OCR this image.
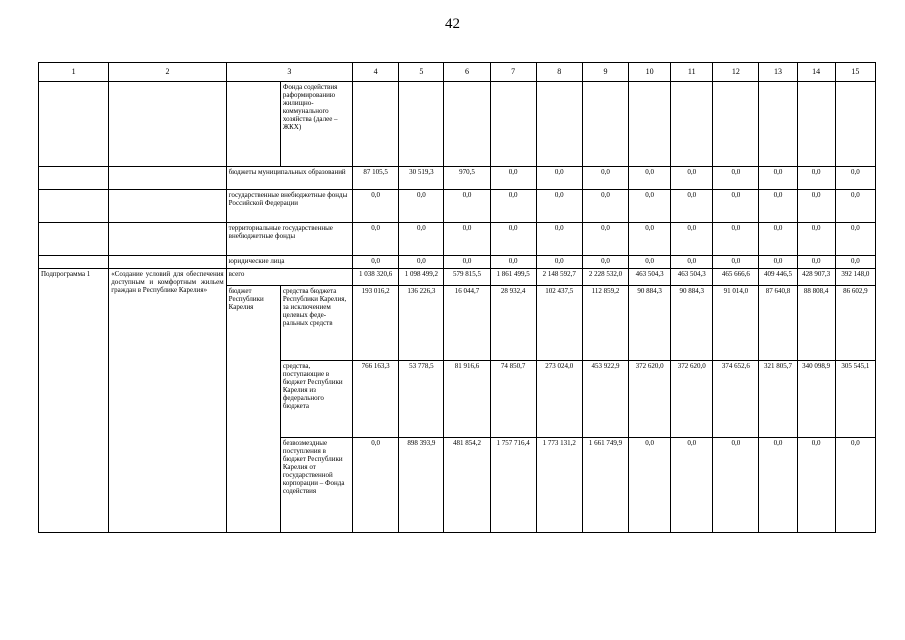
42
1	2	3		4	5	6	7	8	9	10	11	12	13	14	15
			Фонда содействия рaформированию жилищно-коммунального хозяйства (далее – ЖКХ)												
		бюджеты муниципальных образований		87 105,5	30 519,3	970,5	0,0	0,0	0,0	0,0	0,0	0,0	0,0	0,0	0,0
		государственные внебюджетные фонды Российской Федерации		0,0	0,0	0,0	0,0	0,0	0,0	0,0	0,0	0,0	0,0	0,0	0,0
		территориальные государственные внебюджетные фонды		0,0	0,0	0,0	0,0	0,0	0,0	0,0	0,0	0,0	0,0	0,0	0,0
		юридические лица		0,0	0,0	0,0	0,0	0,0	0,0	0,0	0,0	0,0	0,0	0,0	0,0
Подпрограмма 1	«Создание условий для обеспечения доступным и комфортным жильем граждан в Республике Карелия»	всего		1 038 320,6	1 098 499,2	579 815,5	1 861 499,5	2 148 592,7	2 228 532,0	463 504,3	463 504,3	465 666,6	409 446,5	428 907,3	392 148,0
		бюджет Республики Карелия	средства бюджета Республики Карелия, за исключением целевых феде-ральных средств	193 016,2	136 226,3	16 044,7	28 932,4	102 437,5	112 859,2	90 884,3	90 884,3	91 014,0	87 640,8	88 808,4	86 602,9
			средства, поступающие в бюджет Республики Карелия из федерального бюджета	766 163,3	53 778,5	81 916,6	74 850,7	273 024,0	453 922,9	372 620,0	372 620,0	374 652,6	321 805,7	340 098,9	305 545,1
			безвозмездные поступления в бюджет Республики Карелия от государственной корпорации – Фонда содействия	0,0	898 393,9	481 854,2	1 757 716,4	1 773 131,2	1 661 749,9	0,0	0,0	0,0	0,0	0,0	0,0
